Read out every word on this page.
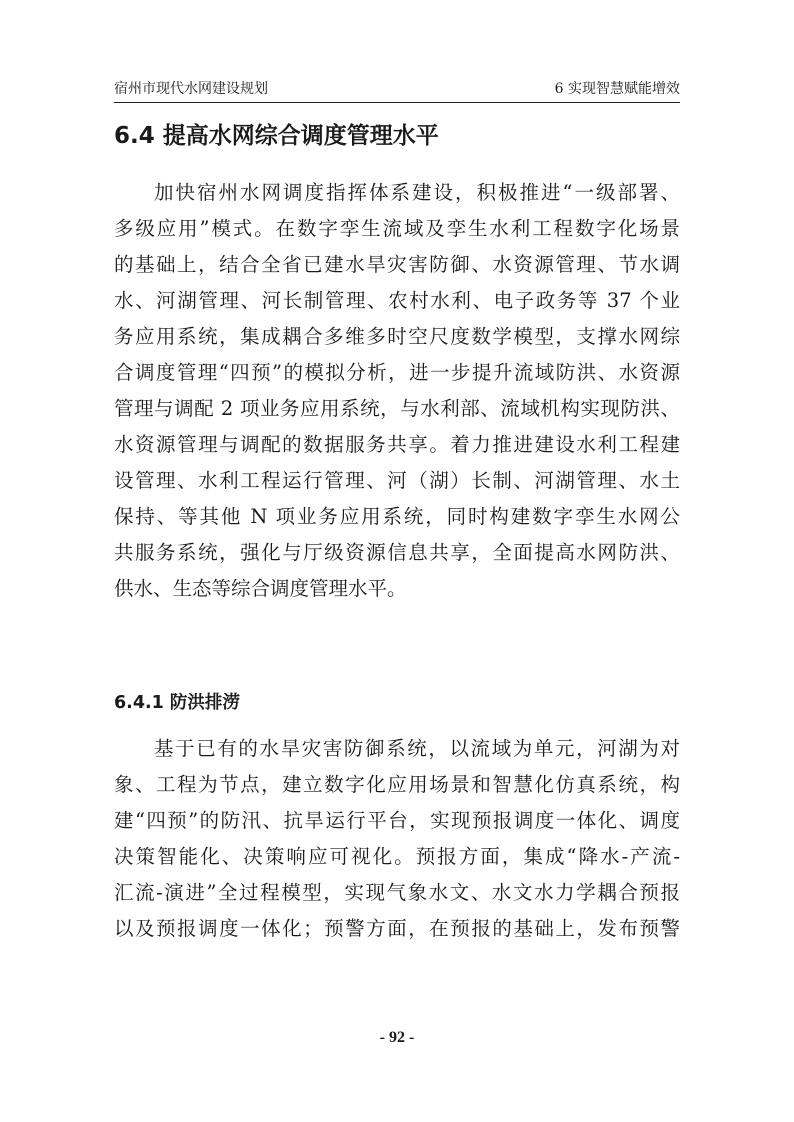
宿州市现代水网建设规划	6 实现智慧赋能增效
6.4 提高水网综合调度管理水平
加快宿州水网调度指挥体系建设，积极推进“一级部署、
多级应用”模式。在数字孪生流域及孪生水利工程数字化场景
的基础上，结合全省已建水旱灾害防御、水资源管理、节水调
水、河湖管理、河长制管理、农村水利、电子政务等 37 个业
务应用系统，集成耦合多维多时空尺度数学模型，支撑水网综
合调度管理“四预”的模拟分析，进一步提升流域防洪、水资源
管理与调配 2 项业务应用系统，与水利部、流域机构实现防洪、
水资源管理与调配的数据服务共享。着力推进建设水利工程建
设管理、水利工程运行管理、河（湖）长制、河湖管理、水土
保持、等其他 N 项业务应用系统，同时构建数字孪生水网公
共服务系统，强化与厅级资源信息共享，全面提高水网防洪、
供水、生态等综合调度管理水平。
6.4.1 防洪排涝
基于已有的水旱灾害防御系统，以流域为单元，河湖为对
象、工程为节点，建立数字化应用场景和智慧化仿真系统，构
建“四预”的防汛、抗旱运行平台，实现预报调度一体化、调度
决策智能化、决策响应可视化。预报方面，集成“降水-产流-
汇流-演进”全过程模型，实现气象水文、水文水力学耦合预报
以及预报调度一体化；预警方面，在预报的基础上，发布预警
- 92 -
